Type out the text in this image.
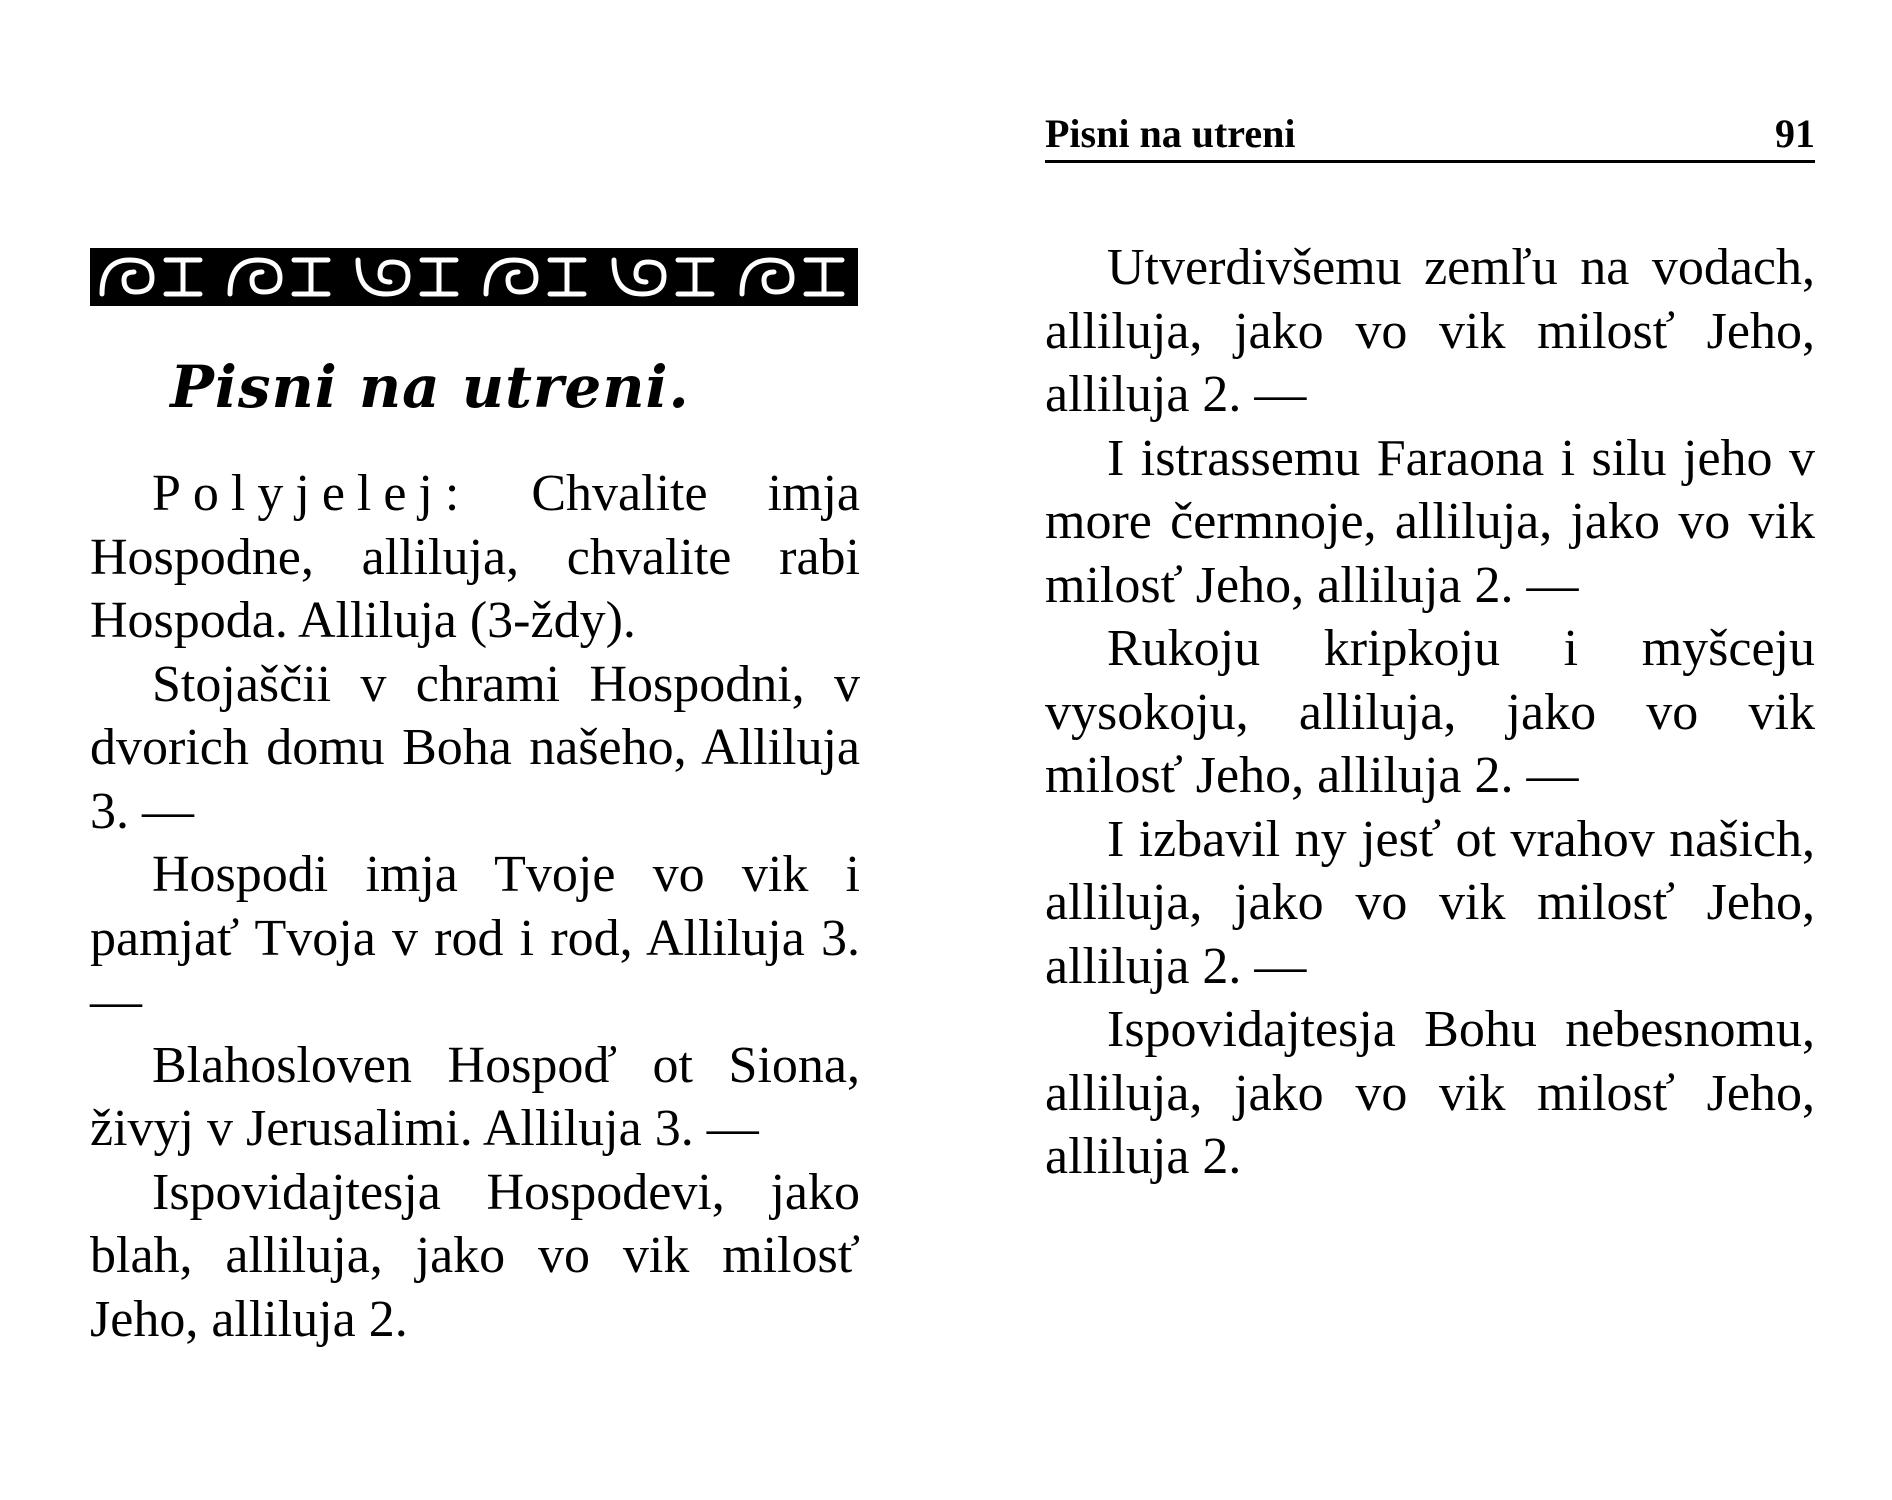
Pisni na utreni	91
Pisni na utreni.

Polyjelej: Chvalite imja Hospodne, alliluja, chvalite rabi Hospoda. Alliluja (3-ždy).

Stojaščii v chrami Hospodni, v dvorich domu Boha našeho, Alliluja 3. —

Hospodi imja Tvoje vo vik i pamjať Tvoja v rod i rod, Alliluja 3. —

Blahosloven Hospoď ot Siona, živyj v Jerusalimi. Alliluja 3. —

Ispovidajtesja Hospodevi, jako blah, alliluja, jako vo vik milosť Jeho, alliluja 2.

Utverdivšemu zemľu na vodach, alliluja, jako vo vik milosť Jeho, alliluja 2. —

I istrassemu Faraona i silu jeho v more čermnoje, alliluja, jako vo vik milosť Jeho, alliluja 2. —

Rukoju kripkoju i myšceju vysokoju, alliluja, jako vo vik milosť Jeho, alliluja 2. —

I izbavil ny jesť ot vrahov našich, alliluja, jako vo vik milosť Jeho, alliluja 2. —

Ispovidajtesja Bohu nebesnomu, alliluja, jako vo vik milosť Jeho, alliluja 2.
